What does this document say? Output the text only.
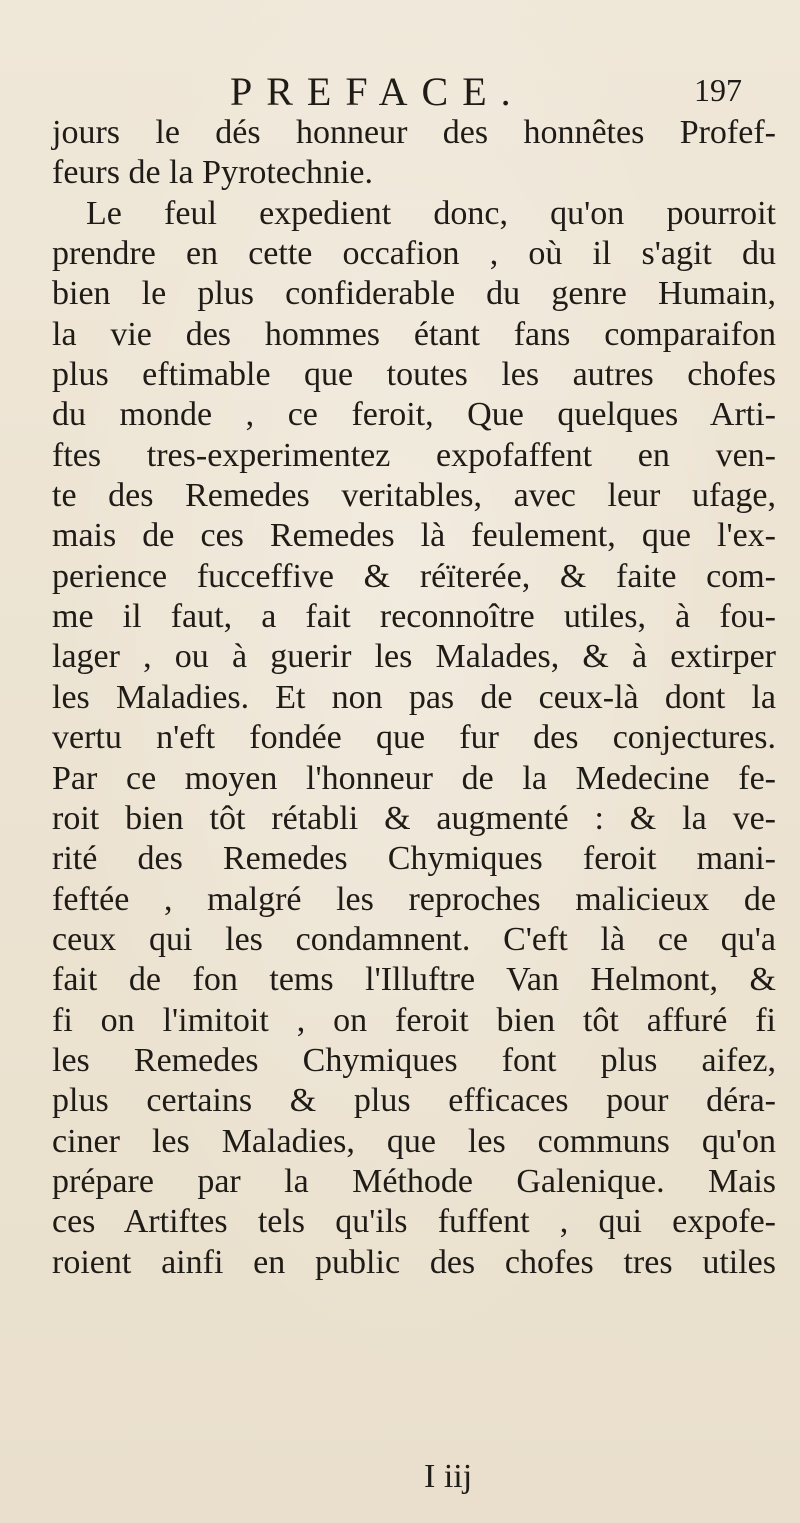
PREFACE.	197
jours le dés honneur des honnêtes Profef-
feurs de la Pyrotechnie.
Le feul expedient donc, qu'on pourroit
prendre en cette occafion , où il s'agit du
bien le plus confiderable du genre Humain,
la vie des hommes étant fans comparaifon
plus eftimable que toutes les autres chofes
du monde , ce feroit, Que quelques Arti-
ftes tres-experimentez expofaffent en ven-
te des Remedes veritables, avec leur ufage,
mais de ces Remedes là feulement, que l'ex-
perience fucceffive & réïterée, & faite com-
me il faut, a fait reconnoître utiles, à fou-
lager , ou à guerir les Malades, & à extirper
les Maladies. Et non pas de ceux-là dont la
vertu n'eft fondée que fur des conjectures.
Par ce moyen l'honneur de la Medecine fe-
roit bien tôt rétabli & augmenté : & la ve-
rité des Remedes Chymiques feroit mani-
feftée , malgré les reproches malicieux de
ceux qui les condamnent. C'eft là ce qu'a
fait de fon tems l'Illuftre Van Helmont, &
fi on l'imitoit , on feroit bien tôt affuré fi
les Remedes Chymiques font plus aifez,
plus certains & plus efficaces pour déra-
ciner les Maladies, que les communs qu'on
prépare par la Méthode Galenique. Mais
ces Artiftes tels qu'ils fuffent , qui expofe-
roient ainfi en public des chofes tres utiles
I iij
